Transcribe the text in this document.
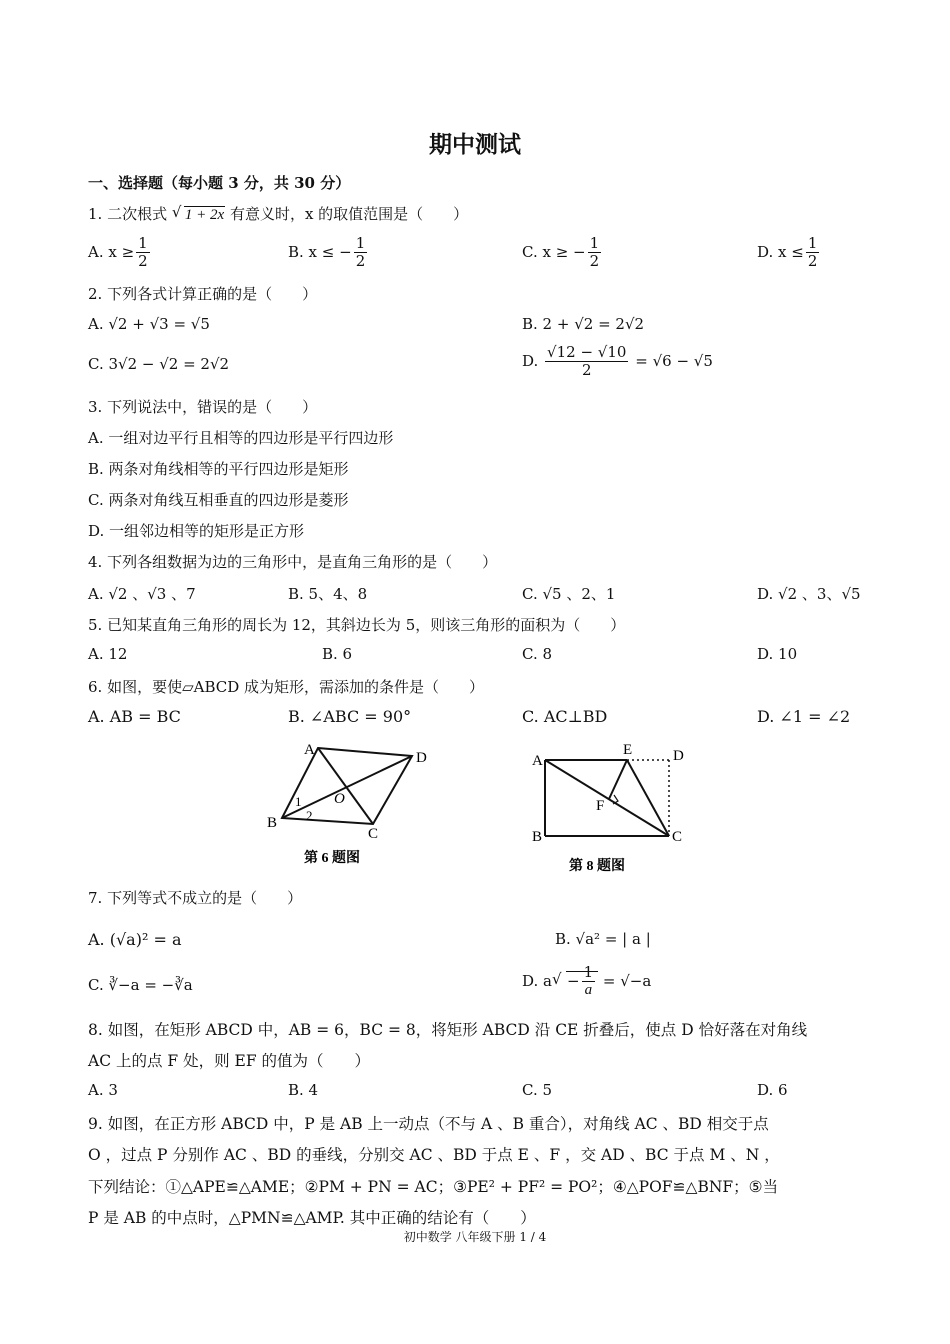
期中测试
一、选择题（每小题 3 分，共 30 分）
1. 二次根式 √ 1 + 2x 有意义时，x 的取值范围是（　　）
A. $x \ge \frac{1}{2}$	B. x ≤ − $\frac{1}{2}$	C. x ≥ − $\frac{1}{2}$	D. $x \le \frac{1}{2}$
2. 下列各式计算正确的是（　　）
A. √2 + √3 = √5	B. 2 + √2 = 2√2
C. 3√2 − √2 = 2√2	D. $\frac{√12 - √10}{2} = √6 - √5$
3. 下列说法中，错误的是（　　）
A. 一组对边平行且相等的四边形是平行四边形
B. 两条对角线相等的平行四边形是矩形
C. 两条对角线互相垂直的四边形是菱形
D. 一组邻边相等的矩形是正方形
4. 下列各组数据为边的三角形中，是直角三角形的是（　　）
A. √2 、√3 、7	B. 5、4、8	C. √5 、2、1	D. √2 、3、√5
5. 已知某直角三角形的周长为 12，其斜边长为 5，则该三角形的面积为（　　）
A. 12	B. 6	C. 8	D. 10
6. 如图，要使▱ABCD 成为矩形，需添加的条件是（　　）
A. AB = BC	B. ∠ABC = 90°	C. AC⊥BD	D. ∠1 = ∠2
A	D
B
C
O
1
2
第 6 题图
A
E	D
B	C
F
第 8 题图
7. 下列等式不成立的是（　　）
A. (√a)² = a	B. √a² = | a |
C. ∛−a = −∛a	D. a √ − $\frac{1}{a} = √-a$
8. 如图，在矩形 ABCD 中，AB = 6，BC = 8，将矩形 ABCD 沿 CE 折叠后，使点 D 恰好落在对角线
AC 上的点 F 处，则 EF 的值为（　　）
A. 3	B. 4	C. 5	D. 6
9. 如图，在正方形 ABCD 中，P 是 AB 上一动点（不与 A 、B 重合），对角线 AC 、BD 相交于点
O ，过点 P 分别作 AC 、BD 的垂线，分别交 AC 、BD 于点 E 、F ，交 AD 、BC 于点 M 、N ，
下列结论：①△APE≌△AME；②PM + PN = AC；③PE² + PF² = PO²；④△POF≌△BNF；⑤当
P 是 AB 的中点时，△PMN≌△AMP. 其中正确的结论有（　　）
初中数学 八年级下册 1 / 4
